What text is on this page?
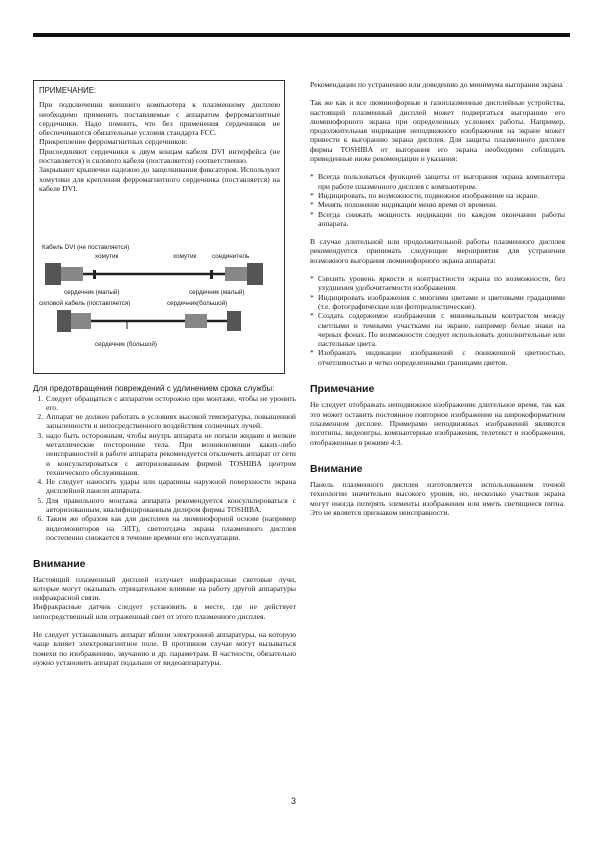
ПРИМЕЧАНИЕ:

При подключении внешнего компьютера к плазменному дисплею необходимо применять поставляемые с аппаратом ферромагнитные сердечники. Надо помнить, что без применения сердечников не обеспечиваются обязательные условия стандарта FCC.

Прикрепление ферромагнитных сердечников:

Присоединяют сердечники к двум концам кабеля DVI интерфейса (не поставляется) и силового кабеля (поставляется) соответственно.

Закрывают крышечки надежно до защелкивания фиксаторов. Используют хомутики для крепления ферромагнитного сердечника (поставляется) на кабеле DVI.

Кабель DVI (не поставляется)
хомутик	хомутик соединитель
сердечник (малый)	сердечник (малый)
силовой кабель (поставляется)	сердечник(большой)
сердечник (большой)

Для предотвращения повреждений с удлинением срока службы:

1. Следует обращаться с аппаратом осторожно при монтаже, чтобы не уронить его.
2. Аппарат не должен работать в условиях высокой температуры, повышенной запыленности и непосредственного воздействия солнечных лучей.
3. надо быть осторожным, чтобы внутрь аппарата не попали жидкие и мелкие металлические посторонние тела. При возникновении каких-либо неисправностей в работе аппарата рекомендуется отключить аппарат от сети и консультироваться с авторизованным фирмой TOSHIBA центром технического обслуживания.
4. Не следует наносить удары или царапины наружной поверхности экрана дисплейной панели аппарата.
5. Для правильного монтажа аппарата рекомендуется консультироваться с авторизованным, квалифицированным дилером фирмы TOSHIBA.
6. Таким же образом как для дисплеев на люминофорной основе (например видеомониторов на ЭЛТ), светоотдача экрана плазменного дисплея постепенно снижается в течение времени его эксплуатации.
Внимание

Настоящий плазменный дисплей излучает инфракрасные световые лучи, которые могут оказывать отрицательное влияние на работу другой аппаратуры инфракрасной связи.

Инфракрасные датчик следует установить в месте, где не действует непосредственный или отраженный свет от этого плазменного дисплея.

Не следует устанавливать аппарат вблизи электронной аппаратуры, на которую чаще влияет электромагнитное поле. В противном случае могут вызываться помехи по изображению, звучанию и др. параметрам. В частности, обязательно нужно установить аппарат подальше от видеоаппаратуры.

Рекомендации по устранению или доведению до минимума выгорания экрана

Так же как и все люминофорные и газоплазменные дисплейные устройства, настоящий плазменный дисплей может подвергаться выгоранию его люминофорного экрана при определенных условиях работы. Например, продолжительная индикация неподвижного изображения на экране может привести к выгоранию экрана дисплея. Для защиты плазменного дисплея фирмы TOSHIBA от выгорания его экрана необходимо соблюдать приведенные ниже рекомендации и указания:

* Всегда пользоваться функцией защиты от выгорания экрана компьютера при работе плазменного дисплея с компьютером.
* Индицировать, по возможности, подвижное изображение на экране.
* Менять положение индикации меню время от времени.
* Всегда снижать мощность индикации по каждом окончании работы аппарата.

В случае длительной или продолжительной работы плазменного дисплея рекомендуется принимать следующие мероприятия для устранения возможного выгорания люминофорного экрана аппарата:

* Снизить уровень яркости и контрастности экрана по возможности, без ухудшения удобочитаемости изображения.
* Индицировать изображения с многими цветами и цветовыми градациями (т.е. фотографические или фотореалистические).
* Создать содержимое изображения с минимальным контрастом между светлыми и темными участками на экране, например белые знаки на черных фонах. По возможности следует использовать дополнительные или пастельные цвета.
* Изображать индикации изображений с пониженной цветностью, отчетливостью и четко определенными границами цветов.
Примечание

Не следует отображать неподвижное изображение длительное время, так как это может оставить постоянное повторное изображение на широкоформатном плазменном десплее. Примерами неподвижных изображений являются логотипы, видеоигры, компьютерные изображения, телетекст и изображения, отображенные в режиме 4:3.

Внимание

Панель плазменного дисплея изготовляется использованием точной технологии значительно высокого уровня, но, несколько участков экрана могут иногда потерять элементы изображения или иметь светящиеся пятна. Это не является признаком неисправности.

3
